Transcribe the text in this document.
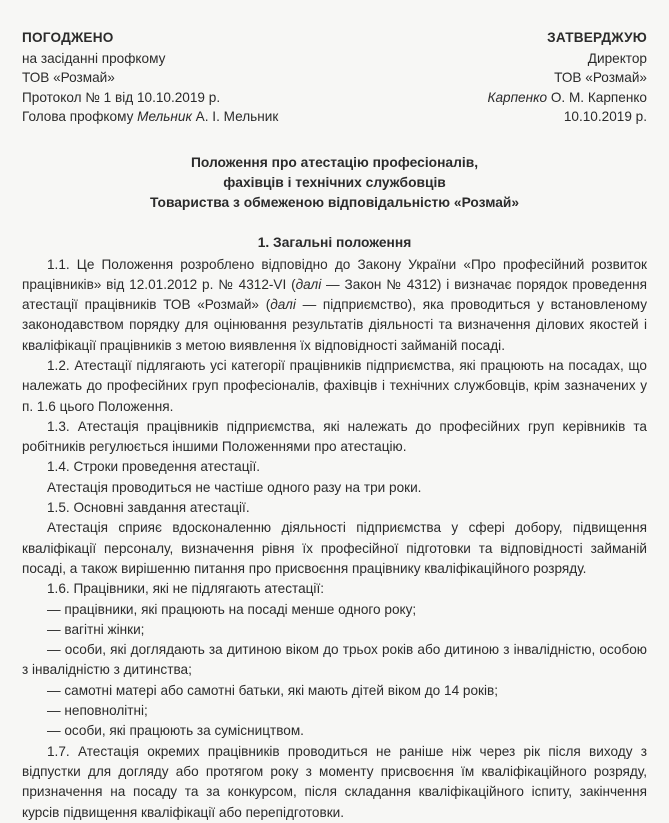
ПОГОДЖЕНО
на засіданні профкому
ТОВ «Розмай»
Протокол № 1 від 10.10.2019 р.
Голова профкому Мельник А. І. Мельник
ЗАТВЕРДЖУЮ
Директор
ТОВ «Розмай»
Карпенко О. М. Карпенко
10.10.2019 р.
Положення про атестацію професіоналів,
фахівців і технічних службовців
Товариства з обмеженою відповідальністю «Розмай»
1. Загальні положення

1.1. Це Положення розроблено відповідно до Закону України «Про професійний розвиток працівників» від 12.01.2012 р. № 4312-VI (далі — Закон № 4312) і визначає порядок проведення атестації працівників ТОВ «Розмай» (далі — підприємство), яка проводиться у встановленому законодавством порядку для оцінювання результатів діяльності та визначення ділових якостей і кваліфікації працівників з метою виявлення їх відповідності займаній посаді.

1.2. Атестації підлягають усі категорії працівників підприємства, які працюють на посадах, що належать до професійних груп професіоналів, фахівців і технічних службовців, крім зазначених у п. 1.6 цього Положення.

1.3. Атестація працівників підприємства, які належать до професійних груп керівників та робітників регулюється іншими Положеннями про атестацію.

1.4. Строки проведення атестації.

Атестація проводиться не частіше одного разу на три роки.

1.5. Основні завдання атестації.

Атестація сприяє вдосконаленню діяльності підприємства у сфері добору, підвищення кваліфікації персоналу, визначення рівня їх професійної підготовки та відповідності займаній посаді, а також вирішенню питання про присвоєння працівнику кваліфікаційного розряду.

1.6. Працівники, які не підлягають атестації:

— працівники, які працюють на посаді менше одного року;

— вагітні жінки;

— особи, які доглядають за дитиною віком до трьох років або дитиною з інвалідністю, особою з інвалідністю з дитинства;

— самотні матері або самотні батьки, які мають дітей віком до 14 років;

— неповнолітні;

— особи, які працюють за сумісництвом.

1.7. Атестація окремих працівників проводиться не раніше ніж через рік після виходу з відпустки для догляду або протягом року з моменту присвоєння їм кваліфікаційного розряду, призначення на посаду та за конкурсом, після складання кваліфікаційного іспиту, закінчення курсів підвищення кваліфікації або перепідготовки.
